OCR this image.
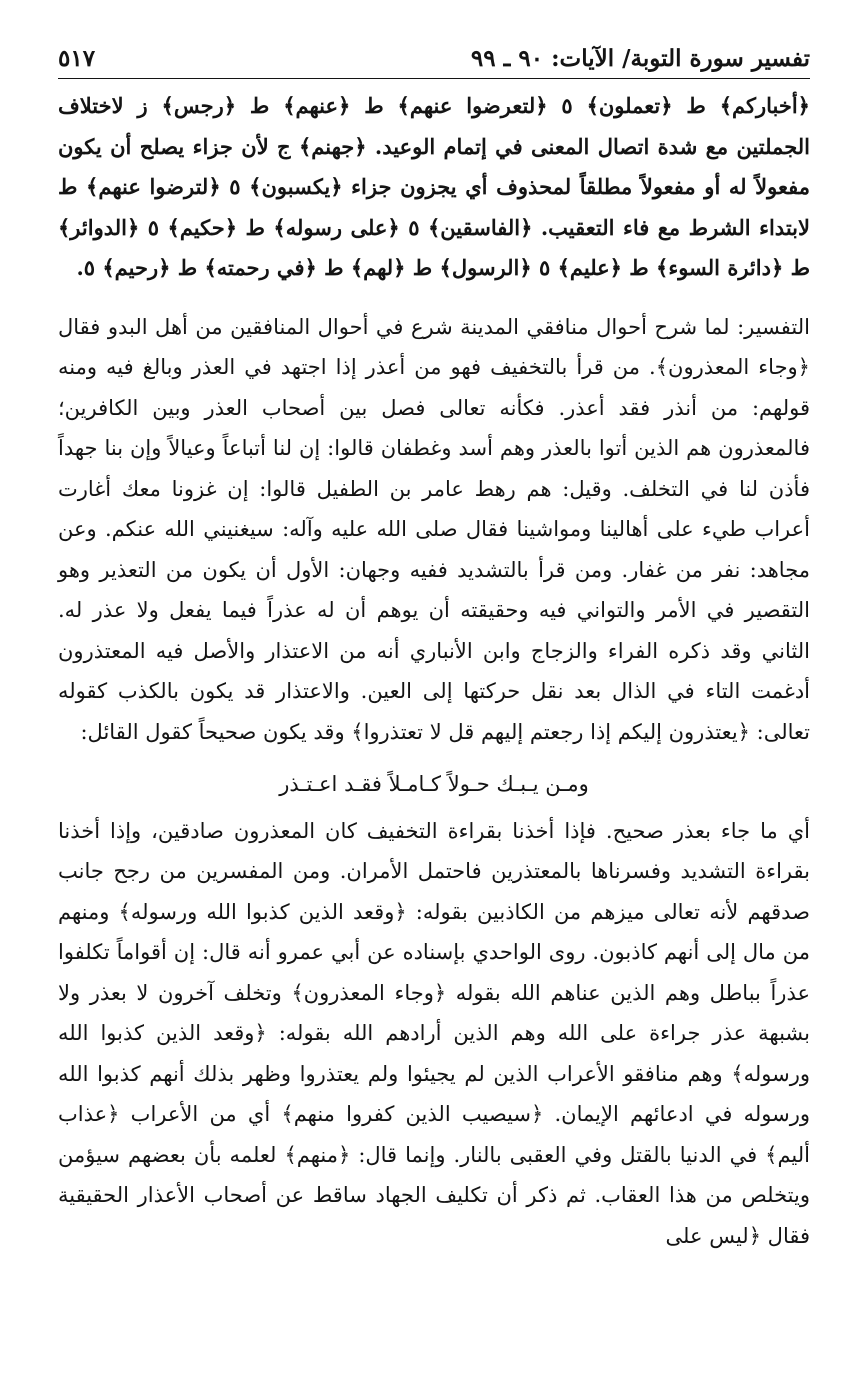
تفسير سورة التوبة/ الآيات: ٩٠ ـ ٩٩
٥١٧

﴿أخباركم﴾ ط ﴿تعملون﴾ ٥ ﴿لتعرضوا عنهم﴾ ط ﴿عنهم﴾ ط ﴿رجس﴾ ز لاختلاف الجملتين مع شدة اتصال المعنى في إتمام الوعيد. ﴿جهنم﴾ ج لأن جزاء يصلح أن يكون مفعولاً له أو مفعولاً مطلقاً لمحذوف أي يجزون جزاء ﴿يكسبون﴾ ٥ ﴿لترضوا عنهم﴾ ط لابتداء الشرط مع فاء التعقيب. ﴿الفاسقين﴾ ٥ ﴿على رسوله﴾ ط ﴿حكيم﴾ ٥ ﴿الدوائر﴾ ط ﴿دائرة السوء﴾ ط ﴿عليم﴾ ٥ ﴿الرسول﴾ ط ﴿لهم﴾ ط ﴿في رحمته﴾ ط ﴿رحيم﴾ ٥.

التفسير: لما شرح أحوال منافقي المدينة شرع في أحوال المنافقين من أهل البدو فقال ﴿وجاء المعذرون﴾. من قرأ بالتخفيف فهو من أعذر إذا اجتهد في العذر وبالغ فيه ومنه قولهم: من أنذر فقد أعذر. فكأنه تعالى فصل بين أصحاب العذر وبين الكافرين؛ فالمعذرون هم الذين أتوا بالعذر وهم أسد وغطفان قالوا: إن لنا أتباعاً وعيالاً وإن بنا جهداً فأذن لنا في التخلف. وقيل: هم رهط عامر بن الطفيل قالوا: إن غزونا معك أغارت أعراب طيء على أهالينا ومواشينا فقال صلى الله عليه وآله: سيغنيني الله عنكم. وعن مجاهد: نفر من غفار. ومن قرأ بالتشديد ففيه وجهان: الأول أن يكون من التعذير وهو التقصير في الأمر والتواني فيه وحقيقته أن يوهم أن له عذراً فيما يفعل ولا عذر له. الثاني وقد ذكره الفراء والزجاج وابن الأنباري أنه من الاعتذار والأصل فيه المعتذرون أدغمت التاء في الذال بعد نقل حركتها إلى العين. والاعتذار قد يكون بالكذب كقوله تعالى: ﴿يعتذرون إليكم إذا رجعتم إليهم قل لا تعتذروا﴾ وقد يكون صحيحاً كقول القائل:

ومـن يـبـك حـولاً كـامـلاً فقـد اعـتـذر

أي ما جاء بعذر صحيح. فإذا أخذنا بقراءة التخفيف كان المعذرون صادقين، وإذا أخذنا بقراءة التشديد وفسرناها بالمعتذرين فاحتمل الأمران. ومن المفسرين من رجح جانب صدقهم لأنه تعالى ميزهم من الكاذبين بقوله: ﴿وقعد الذين كذبوا الله ورسوله﴾ ومنهم من مال إلى أنهم كاذبون. روى الواحدي بإسناده عن أبي عمرو أنه قال: إن أقواماً تكلفوا عذراً بباطل وهم الذين عناهم الله بقوله ﴿وجاء المعذرون﴾ وتخلف آخرون لا بعذر ولا بشبهة عذر جراءة على الله وهم الذين أرادهم الله بقوله: ﴿وقعد الذين كذبوا الله ورسوله﴾ وهم منافقو الأعراب الذين لم يجيئوا ولم يعتذروا وظهر بذلك أنهم كذبوا الله ورسوله في ادعائهم الإيمان. ﴿سيصيب الذين كفروا منهم﴾ أي من الأعراب ﴿عذاب أليم﴾ في الدنيا بالقتل وفي العقبى بالنار. وإنما قال: ﴿منهم﴾ لعلمه بأن بعضهم سيؤمن ويتخلص من هذا العقاب. ثم ذكر أن تكليف الجهاد ساقط عن أصحاب الأعذار الحقيقية فقال ﴿ليس على
